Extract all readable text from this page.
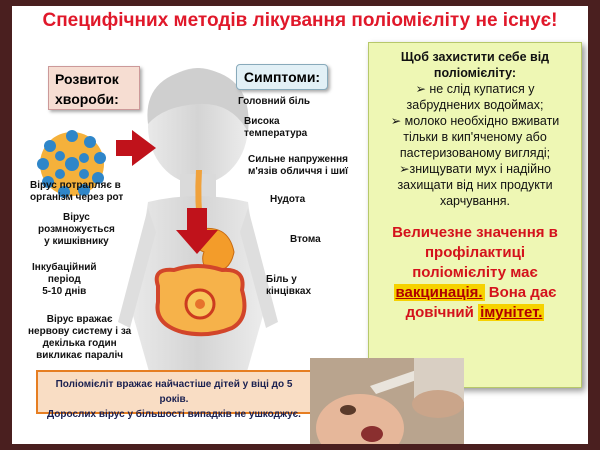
Специфічних методів лікування поліомієліту не існує!
Розвиток
хвороби:
Симптоми:
Головний біль
Висока
температура
Сильне напруження
м'язів обличчя і шиї
Нудота
Втома
Біль у
кінцівках
Вірус потрапляє в
організм через рот
Вірус
розмножується
у кишківнику
Інкубаційний
період
5-10 днів
Вірус вражає
нервову систему і за
декілька годин
викликає параліч
Щоб захистити себе від
поліомієліту:
➢ не слід купатися у забруднених водоймах;
➢ молоко необхідно вживати тільки в кип'яченому або пастеризованому вигляді;
➢знищувати мух і надійно захищати від них продукти харчування.
Величезне значення в профілактиці поліомієліту має вакцинація. Вона дає довічний імунітет.
Поліомієліт вражає найчастіше дітей у віці до 5 років.
Дорослих вірус у більшості випадків не ушкоджує.
